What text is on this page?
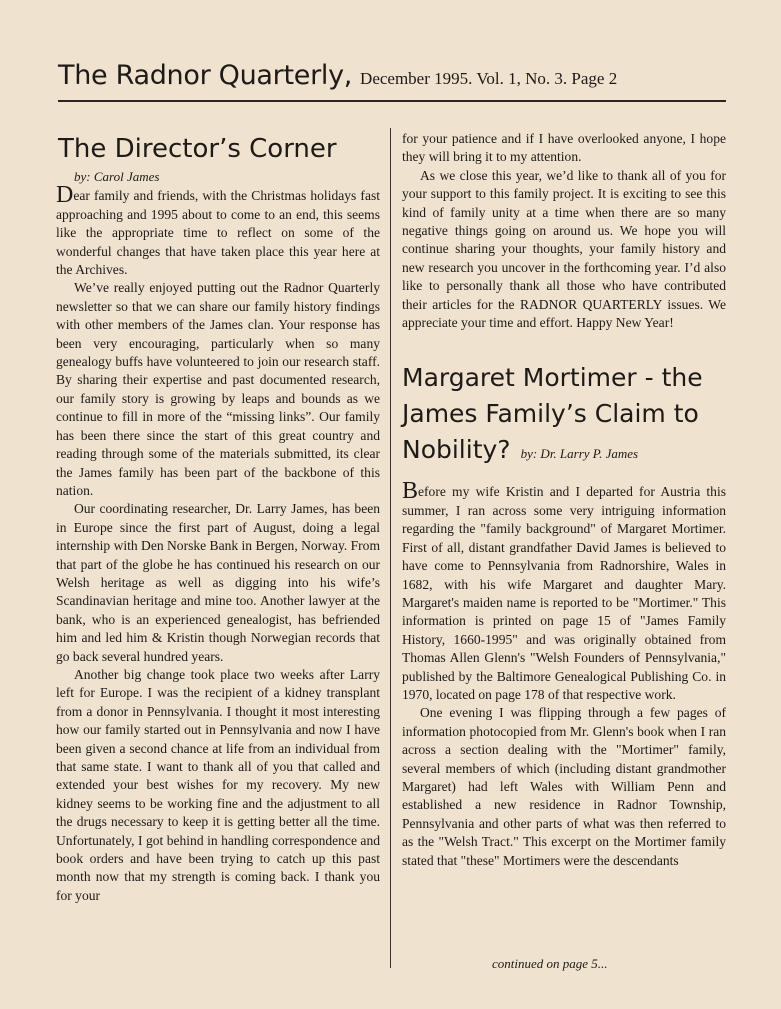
The Radnor Quarterly, December 1995. Vol. 1, No. 3. Page 2
The Director’s Corner

by: Carol James

Dear family and friends, with the Christmas holidays fast approaching and 1995 about to come to an end, this seems like the appropriate time to reflect on some of the wonderful changes that have taken place this year here at the Archives.

We’ve really enjoyed putting out the Radnor Quarterly newsletter so that we can share our family history findings with other members of the James clan. Your response has been very encouraging, particularly when so many genealogy buffs have volunteered to join our research staff. By sharing their expertise and past documented research, our family story is growing by leaps and bounds as we continue to fill in more of the “missing links”. Our family has been there since the start of this great country and reading through some of the materials submitted, its clear the James family has been part of the backbone of this nation.

Our coordinating researcher, Dr. Larry James, has been in Europe since the first part of August, doing a legal internship with Den Norske Bank in Bergen, Norway. From that part of the globe he has continued his research on our Welsh heritage as well as digging into his wife’s Scandinavian heritage and mine too. Another lawyer at the bank, who is an experienced genealogist, has befriended him and led him & Kristin though Norwegian records that go back several hundred years.

Another big change took place two weeks after Larry left for Europe. I was the recipient of a kidney transplant from a donor in Pennsylvania. I thought it most interesting how our family started out in Pennsylvania and now I have been given a second chance at life from an individual from that same state. I want to thank all of you that called and extended your best wishes for my recovery. My new kidney seems to be working fine and the adjustment to all the drugs necessary to keep it is getting better all the time. Unfortunately, I got behind in handling correspondence and book orders and have been trying to catch up this past month now that my strength is coming back. I thank you for your

for your patience and if I have overlooked anyone, I hope they will bring it to my attention.

As we close this year, we’d like to thank all of you for your support to this family project. It is exciting to see this kind of family unity at a time when there are so many negative things going on around us. We hope you will continue sharing your thoughts, your family history and new research you uncover in the forthcoming year. I’d also like to personally thank all those who have contributed their articles for the RADNOR QUARTERLY issues. We appreciate your time and effort. Happy New Year!

Margaret Mortimer - the James Family’s Claim to Nobility? by: Dr. Larry P. James

Before my wife Kristin and I departed for Austria this summer, I ran across some very intriguing information regarding the "family background" of Margaret Mortimer. First of all, distant grandfather David James is believed to have come to Pennsylvania from Radnorshire, Wales in 1682, with his wife Margaret and daughter Mary. Margaret's maiden name is reported to be "Mortimer." This information is printed on page 15 of "James Family History, 1660-1995" and was originally obtained from Thomas Allen Glenn's "Welsh Founders of Pennsylvania," published by the Baltimore Genealogical Publishing Co. in 1970, located on page 178 of that respective work.

One evening I was flipping through a few pages of information photocopied from Mr. Glenn's book when I ran across a section dealing with the "Mortimer" family, several members of which (including distant grandmother Margaret) had left Wales with William Penn and established a new residence in Radnor Township, Pennsylvania and other parts of what was then referred to as the "Welsh Tract." This excerpt on the Mortimer family stated that "these" Mortimers were the descendants

continued on page 5...
